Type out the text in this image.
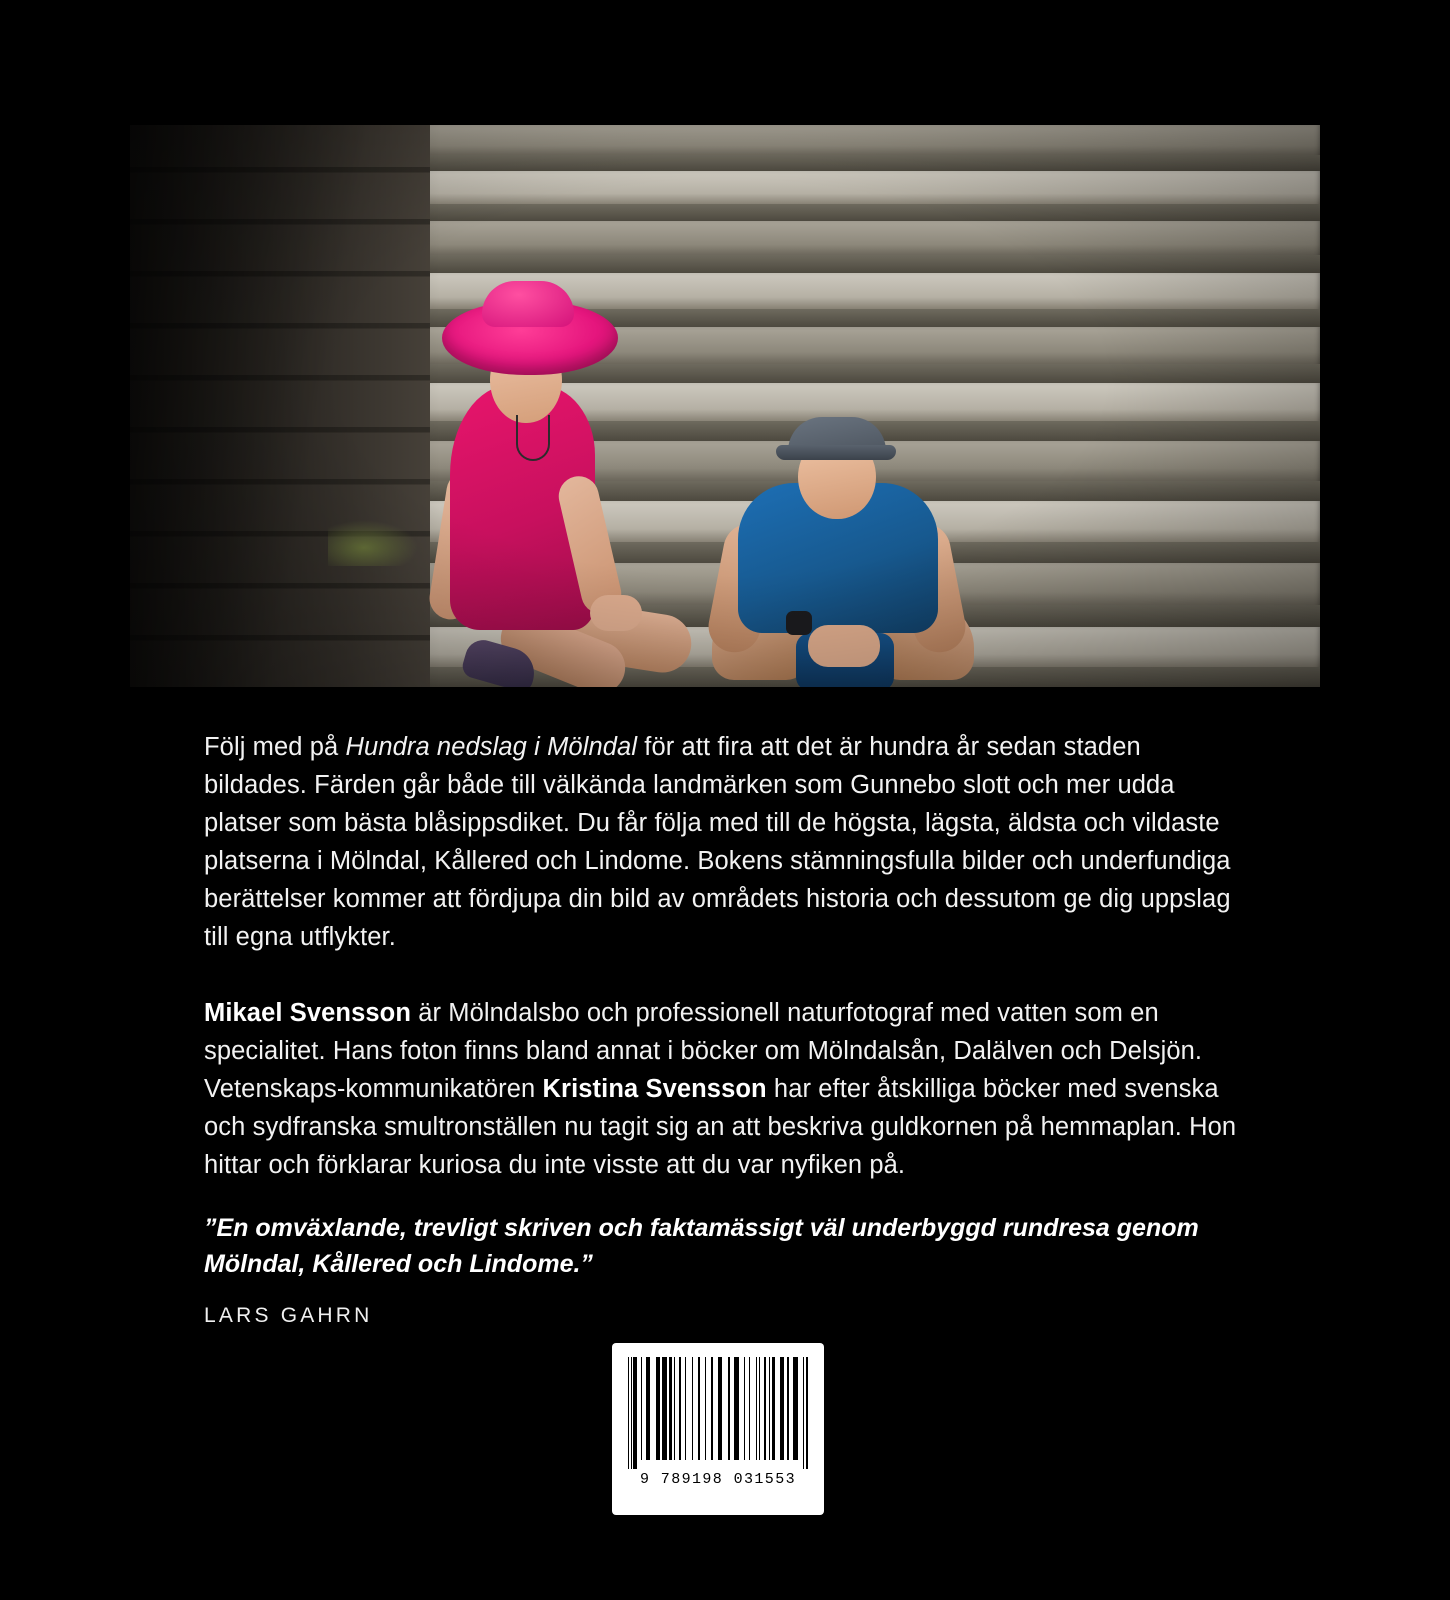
Följ med på Hundra nedslag i Mölndal för att fira att det är hundra år sedan staden bildades. Färden går både till välkända landmärken som Gunnebo slott och mer udda platser som bästa blåsippsdiket. Du får följa med till de högsta, lägsta, äldsta och vildaste platserna i Mölndal, Kållered och Lindome. Bokens stämningsfulla bilder och underfundiga berättelser kommer att fördjupa din bild av områdets historia och dessutom ge dig uppslag till egna utflykter.

Mikael Svensson är Mölndalsbo och professionell naturfotograf med vatten som en specialitet. Hans foton finns bland annat i böcker om Mölndalsån, Dalälven och Delsjön. Vetenskaps-kommunikatören Kristina Svensson har efter åtskilliga böcker med svenska och sydfranska smultronställen nu tagit sig an att beskriva guldkornen på hemmaplan. Hon hittar och förklarar kuriosa du inte visste att du var nyfiken på.

”En omväxlande, trevligt skriven och faktamässigt väl underbyggd rundresa genom Mölndal, Kållered och Lindome.”

LARS GAHRN

9 789198 031553
